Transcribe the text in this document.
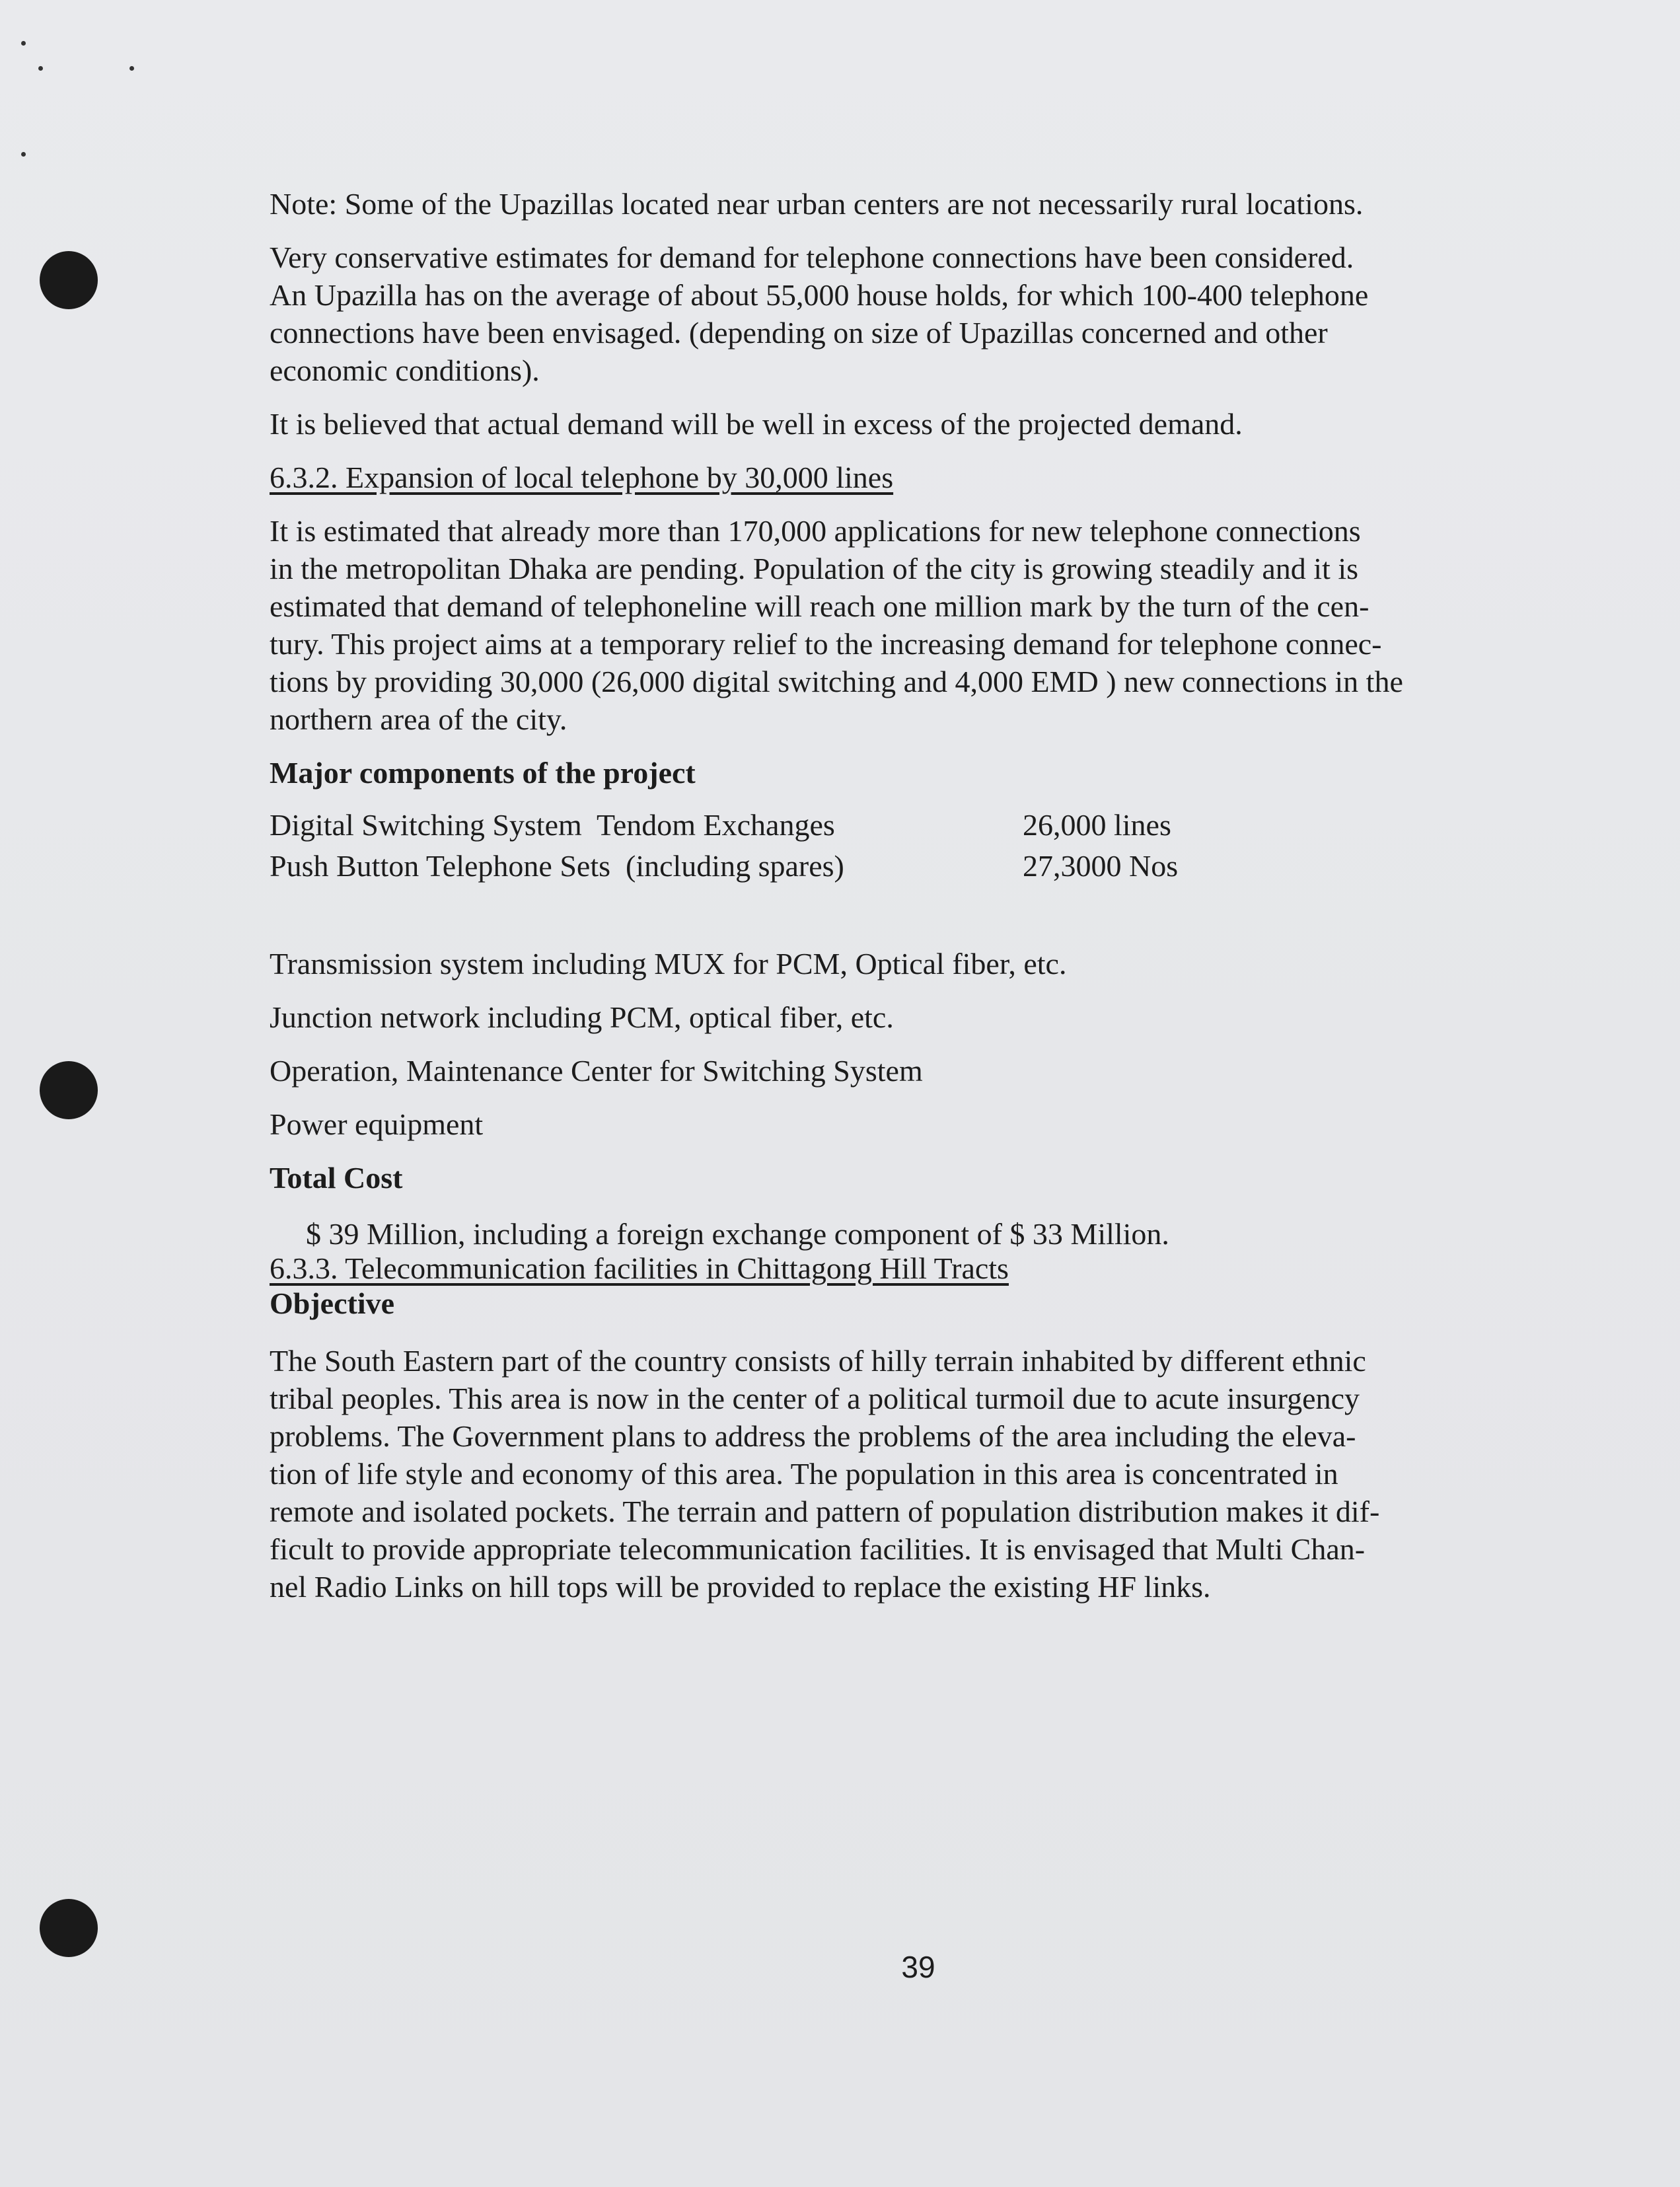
Note: Some of the Upazillas located near urban centers are not necessarily rural locations.

Very conservative estimates for demand for telephone connections have been considered.
An Upazilla has on the average of about 55,000 house holds, for which 100-400 telephone
connections have been envisaged. (depending on size of Upazillas concerned and other
economic conditions).

It is believed that actual demand will be well in excess of the projected demand.

6.3.2. Expansion of local telephone by 30,000 lines

It is estimated that already more than 170,000 applications for new telephone connections
in the metropolitan Dhaka are pending. Population of the city is growing steadily and it is
estimated that demand of telephoneline will reach one million mark by the turn of the cen-
tury. This project aims at a temporary relief to the increasing demand for telephone connec-
tions by providing 30,000 (26,000 digital switching and 4,000 EMD ) new connections in the
northern area of the city.

Major components of the project

Digital Switching System  Tendom Exchanges	26,000 lines
Push Button Telephone Sets  (including spares)	27,3000 Nos

Transmission system including MUX for PCM, Optical fiber, etc.

Junction network including PCM, optical fiber, etc.

Operation, Maintenance Center for Switching System

Power equipment

Total Cost

$ 39 Million, including a foreign exchange component of $ 33 Million.

6.3.3. Telecommunication facilities in Chittagong Hill Tracts

Objective

The South Eastern part of the country consists of hilly terrain inhabited by different ethnic
tribal peoples. This area is now in the center of a political turmoil due to acute insurgency
problems. The Government plans to address the problems of the area including the eleva-
tion of life style and economy of this area. The population in this area is concentrated in
remote and isolated pockets. The terrain and pattern of population distribution makes it dif-
ficult to provide appropriate telecommunication facilities. It is envisaged that Multi Chan-
nel Radio Links on hill tops will be provided to replace the existing HF links.
39
